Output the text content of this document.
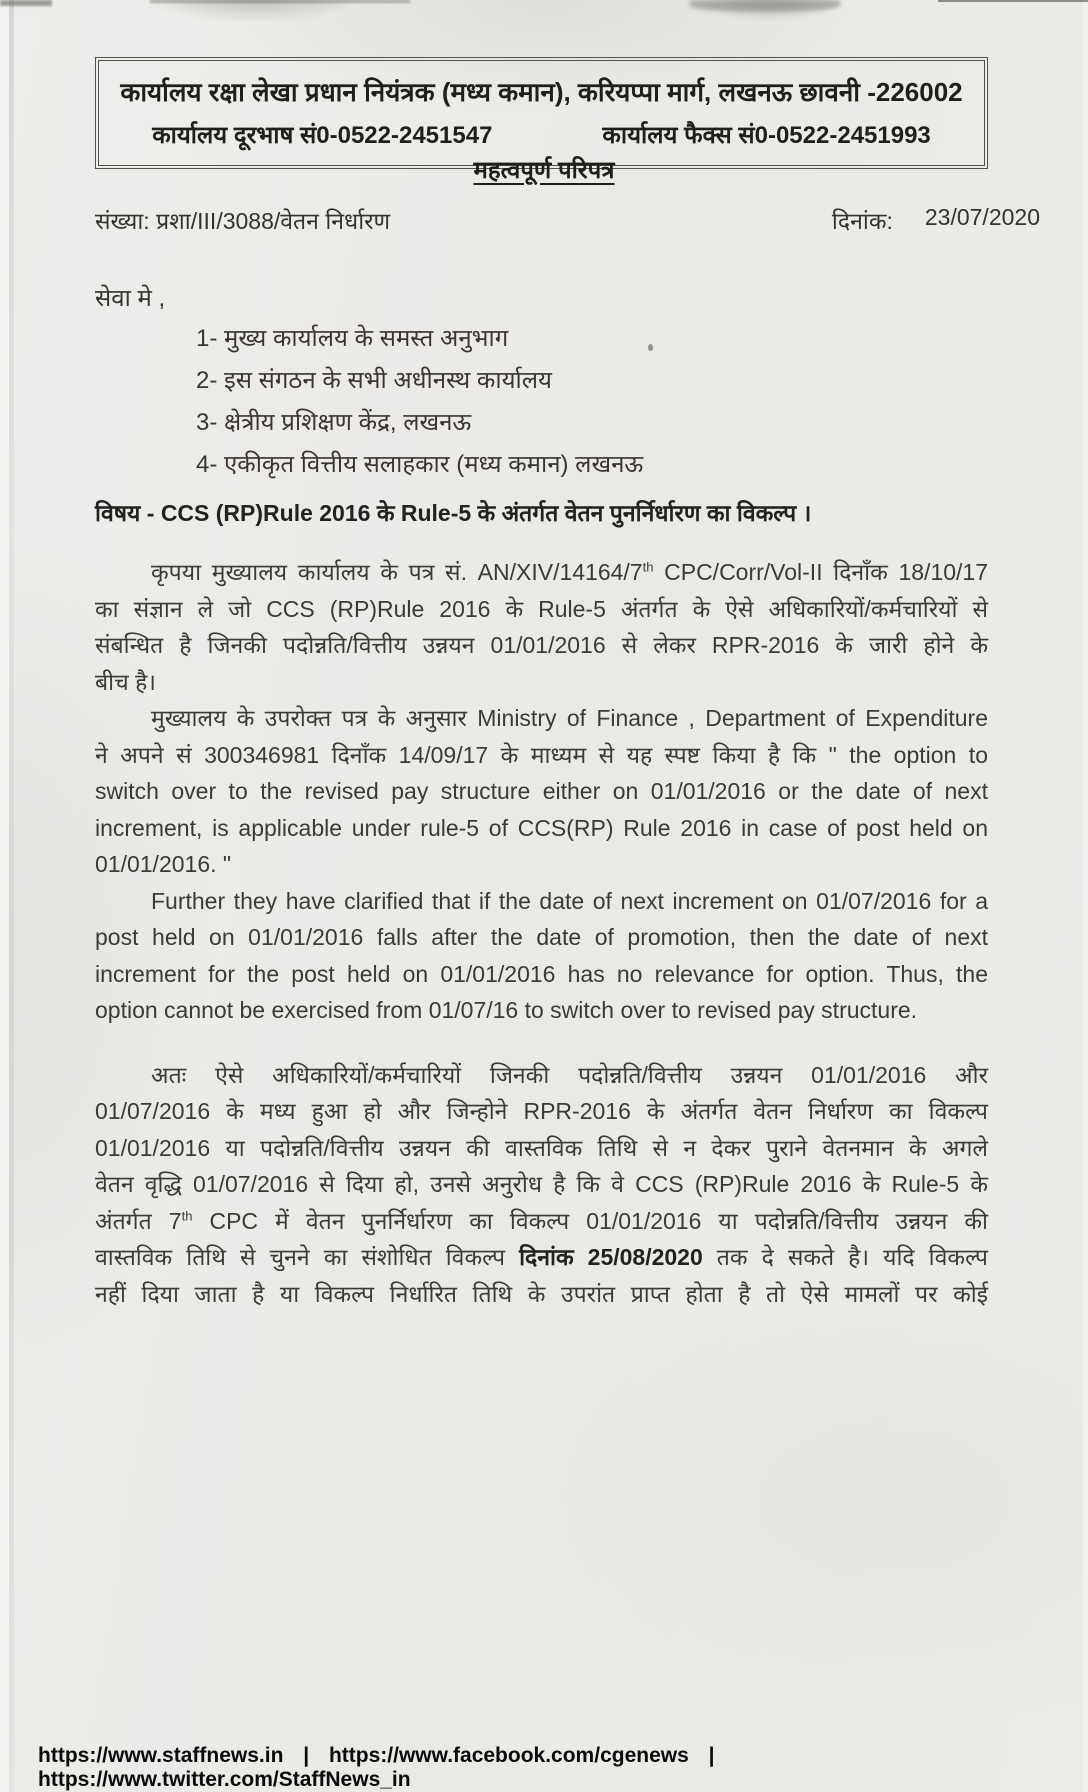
कार्यालय रक्षा लेखा प्रधान नियंत्रक (मध्य कमान), करियप्पा मार्ग, लखनऊ छावनी -226002
कार्यालय दूरभाष सं0-0522-2451547	कार्यालय फैक्स सं0-0522-2451993
महत्वपूर्ण परिपत्र
संख्या: प्रशा/III/3088/वेतन निर्धारण	दिनांक: 23/07/2020
सेवा मे ,
1- मुख्य कार्यालय के समस्त अनुभाग
2- इस संगठन के सभी अधीनस्थ कार्यालय
3- क्षेत्रीय प्रशिक्षण केंद्र, लखनऊ
4- एकीकृत वित्तीय सलाहकार (मध्य कमान) लखनऊ
विषय - CCS (RP)Rule 2016 के Rule-5 के अंतर्गत वेतन पुनर्निर्धारण का विकल्प ।
कृपया मुख्यालय कार्यालय के पत्र सं. AN/XIV/14164/7th CPC/Corr/Vol-II दिनाँक 18/10/17
का संज्ञान ले जो CCS (RP)Rule 2016 के Rule-5 अंतर्गत के ऐसे अधिकारियों/कर्मचारियों से
संबन्धित है जिनकी पदोन्नति/वित्तीय उन्नयन 01/01/2016 से लेकर RPR-2016 के जारी होने के
बीच है।
मुख्यालय के उपरोक्त पत्र के अनुसार Ministry of Finance , Department of Expenditure
ने अपने सं 300346981 दिनाँक 14/09/17 के माध्यम से यह स्पष्ट किया है कि " the option to
switch over to the revised pay structure either on 01/01/2016 or the date of next
increment, is applicable under rule-5 of CCS(RP) Rule 2016 in case of post held on
01/01/2016. "
Further they have clarified that if the date of next increment on 01/07/2016 for a
post held on 01/01/2016 falls after the date of promotion, then the date of next
increment for the post held on 01/01/2016 has no relevance for option. Thus, the
option cannot be exercised from 01/07/16 to switch over to revised pay structure.
अतः ऐसे अधिकारियों/कर्मचारियों जिनकी पदोन्नति/वित्तीय उन्नयन 01/01/2016 और
01/07/2016 के मध्य हुआ हो और जिन्होने RPR-2016 के अंतर्गत वेतन निर्धारण का विकल्प
01/01/2016 या पदोन्नति/वित्तीय उन्नयन की वास्तविक तिथि से न देकर पुराने वेतनमान के अगले
वेतन वृद्धि 01/07/2016 से दिया हो, उनसे अनुरोध है कि वे CCS (RP)Rule 2016 के Rule-5 के
अंतर्गत 7th CPC में वेतन पुनर्निर्धारण का विकल्प 01/01/2016 या पदोन्नति/वित्तीय उन्नयन की
वास्तविक तिथि से चुनने का संशोधित विकल्प दिनांक 25/08/2020 तक दे सकते है। यदि विकल्प
नहीं दिया जाता है या विकल्प निर्धारित तिथि के उपरांत प्राप्त होता है तो ऐसे मामलों पर कोई
https://www.staffnews.in | https://www.facebook.com/cgenews | https://www.twitter.com/StaffNews_in
